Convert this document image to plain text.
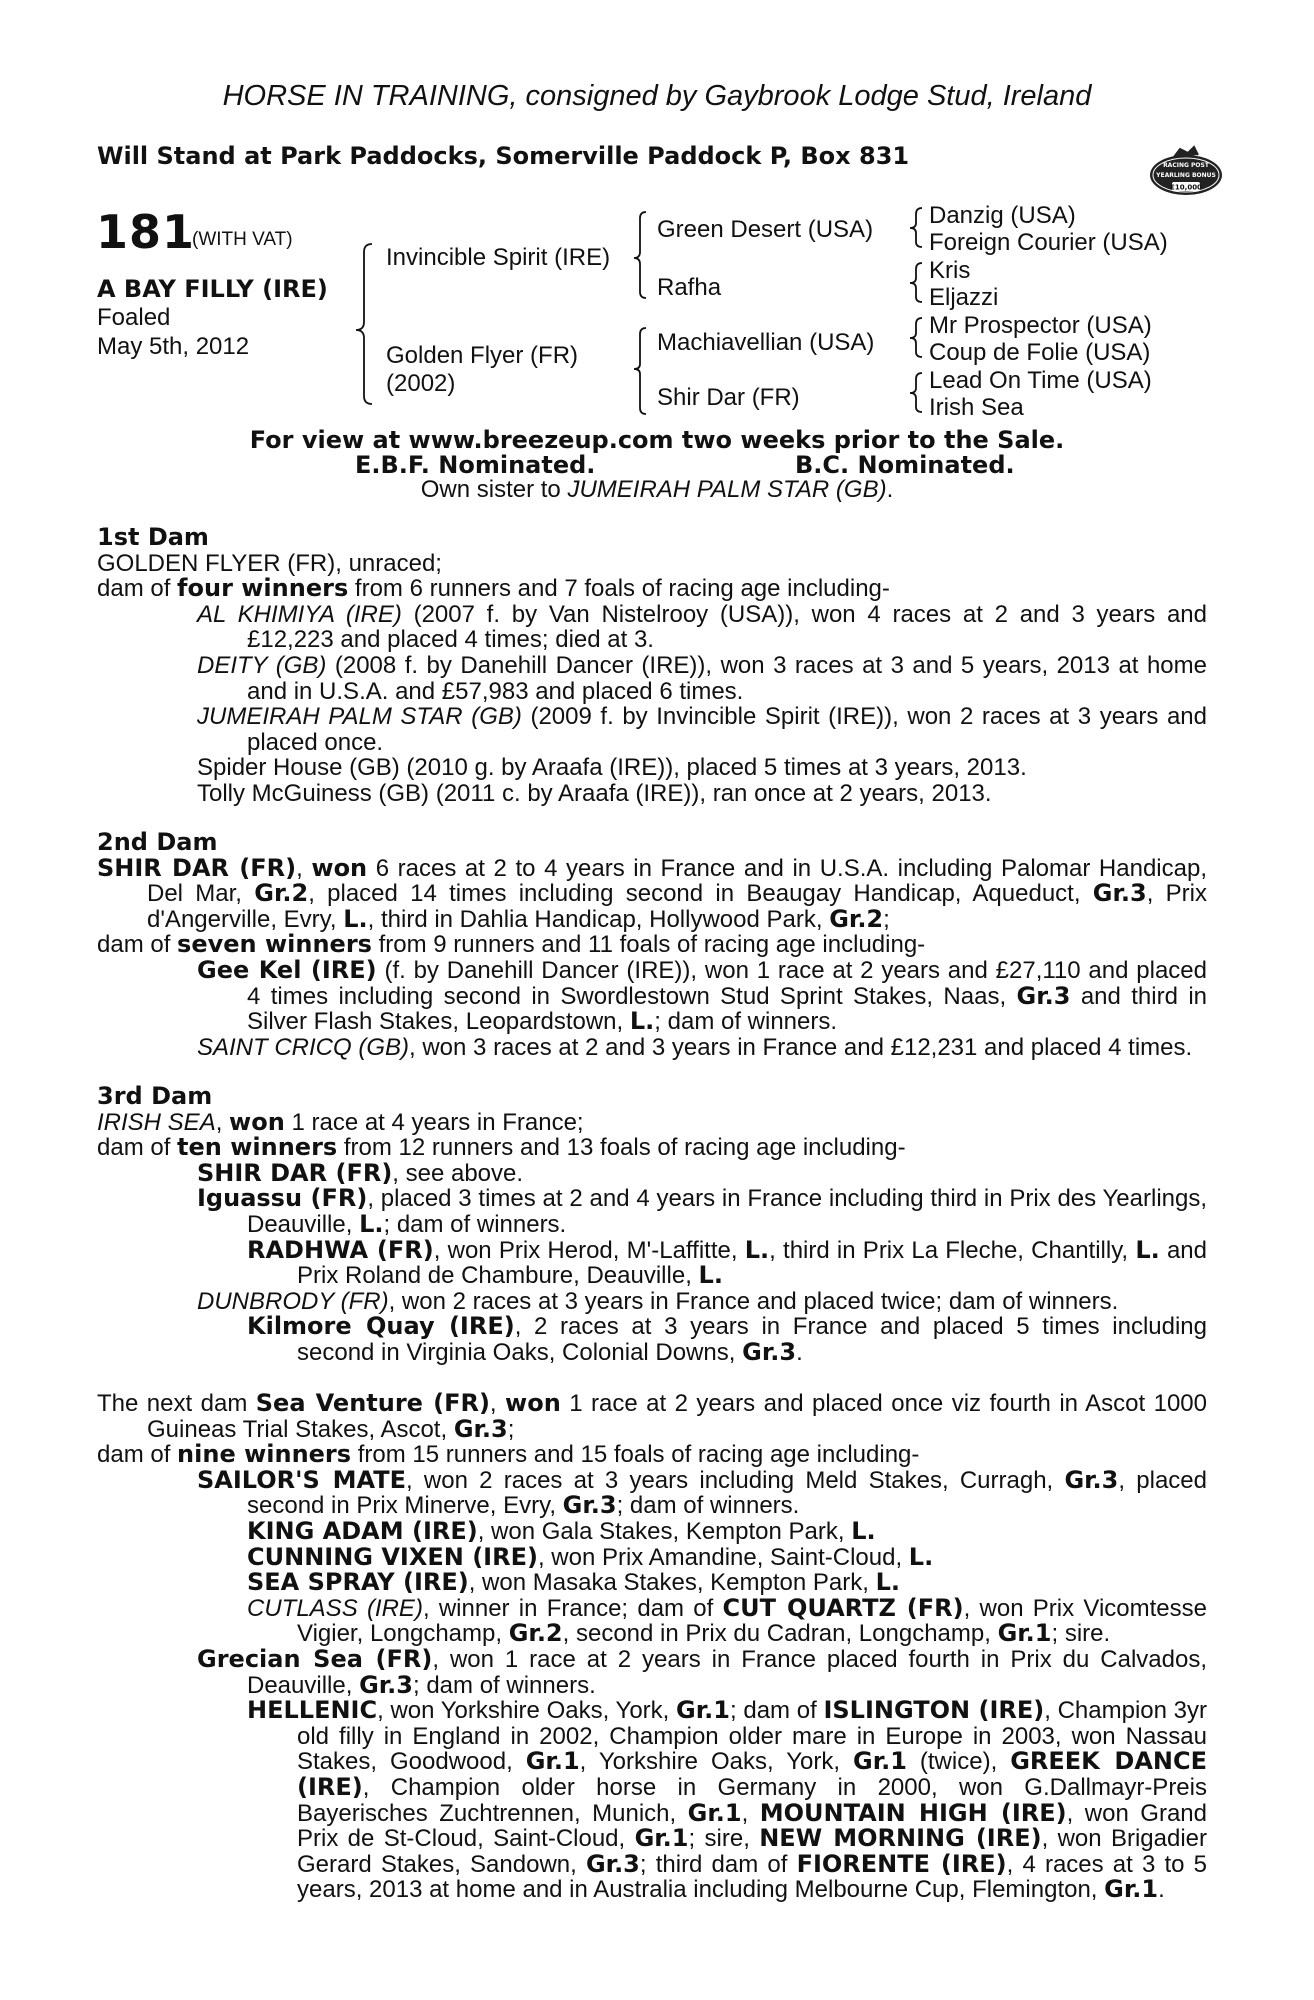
HORSE IN TRAINING, consigned by Gaybrook Lodge Stud, Ireland
Will Stand at Park Paddocks, Somerville Paddock P, Box 831	RACING POST
YEARLING BONUS
£10,000
181
(WITH VAT)
A BAY FILLY (IRE)
Foaled
May 5th, 2012
Invincible Spirit (IRE)
Golden Flyer (FR)
(2002)
Green Desert (USA)
Rafha
Machiavellian (USA)
Shir Dar (FR)
Danzig (USA)
Foreign Courier (USA)
Kris
Eljazzi
Mr Prospector (USA)
Coup de Folie (USA)
Lead On Time (USA)
Irish Sea
For view at www.breezeup.com two weeks prior to the Sale.
E.B.F. Nominated.	B.C. Nominated.
Own sister to JUMEIRAH PALM STAR (GB).

1st Dam

GOLDEN FLYER (FR), unraced;

dam of four winners from 6 runners and 7 foals of racing age including-

AL KHIMIYA (IRE) (2007 f. by Van Nistelrooy (USA)), won 4 races at 2 and 3 years and £12,223 and placed 4 times; died at 3.

DEITY (GB) (2008 f. by Danehill Dancer (IRE)), won 3 races at 3 and 5 years, 2013 at home and in U.S.A. and £57,983 and placed 6 times.

JUMEIRAH PALM STAR (GB) (2009 f. by Invincible Spirit (IRE)), won 2 races at 3 years and placed once.

Spider House (GB) (2010 g. by Araafa (IRE)), placed 5 times at 3 years, 2013.

Tolly McGuiness (GB) (2011 c. by Araafa (IRE)), ran once at 2 years, 2013.

2nd Dam

SHIR DAR (FR), won 6 races at 2 to 4 years in France and in U.S.A. including Palomar Handicap, Del Mar, Gr.2, placed 14 times including second in Beaugay Handicap, Aqueduct, Gr.3, Prix d'Angerville, Evry, L., third in Dahlia Handicap, Hollywood Park, Gr.2;

dam of seven winners from 9 runners and 11 foals of racing age including-

Gee Kel (IRE) (f. by Danehill Dancer (IRE)), won 1 race at 2 years and £27,110 and placed 4 times including second in Swordlestown Stud Sprint Stakes, Naas, Gr.3 and third in Silver Flash Stakes, Leopardstown, L.; dam of winners.

SAINT CRICQ (GB), won 3 races at 2 and 3 years in France and £12,231 and placed 4 times.

3rd Dam

IRISH SEA, won 1 race at 4 years in France;

dam of ten winners from 12 runners and 13 foals of racing age including-

SHIR DAR (FR), see above.

Iguassu (FR), placed 3 times at 2 and 4 years in France including third in Prix des Yearlings, Deauville, L.; dam of winners.

RADHWA (FR), won Prix Herod, M'-Laffitte, L., third in Prix La Fleche, Chantilly, L. and Prix Roland de Chambure, Deauville, L.

DUNBRODY (FR), won 2 races at 3 years in France and placed twice; dam of winners.

Kilmore Quay (IRE), 2 races at 3 years in France and placed 5 times including second in Virginia Oaks, Colonial Downs, Gr.3.

The next dam Sea Venture (FR), won 1 race at 2 years and placed once viz fourth in Ascot 1000 Guineas Trial Stakes, Ascot, Gr.3;

dam of nine winners from 15 runners and 15 foals of racing age including-

SAILOR'S MATE, won 2 races at 3 years including Meld Stakes, Curragh, Gr.3, placed second in Prix Minerve, Evry, Gr.3; dam of winners.

KING ADAM (IRE), won Gala Stakes, Kempton Park, L.

CUNNING VIXEN (IRE), won Prix Amandine, Saint-Cloud, L.

SEA SPRAY (IRE), won Masaka Stakes, Kempton Park, L.

CUTLASS (IRE), winner in France; dam of CUT QUARTZ (FR), won Prix Vicomtesse Vigier, Longchamp, Gr.2, second in Prix du Cadran, Longchamp, Gr.1; sire.

Grecian Sea (FR), won 1 race at 2 years in France placed fourth in Prix du Calvados, Deauville, Gr.3; dam of winners.

HELLENIC, won Yorkshire Oaks, York, Gr.1; dam of ISLINGTON (IRE), Champion 3yr old filly in England in 2002, Champion older mare in Europe in 2003, won Nassau Stakes, Goodwood, Gr.1, Yorkshire Oaks, York, Gr.1 (twice), GREEK DANCE (IRE), Champion older horse in Germany in 2000, won G.Dallmayr-Preis Bayerisches Zuchtrennen, Munich, Gr.1, MOUNTAIN HIGH (IRE), won Grand Prix de St-Cloud, Saint-Cloud, Gr.1; sire, NEW MORNING (IRE), won Brigadier Gerard Stakes, Sandown, Gr.3; third dam of FIORENTE (IRE), 4 races at 3 to 5 years, 2013 at home and in Australia including Melbourne Cup, Flemington, Gr.1.
